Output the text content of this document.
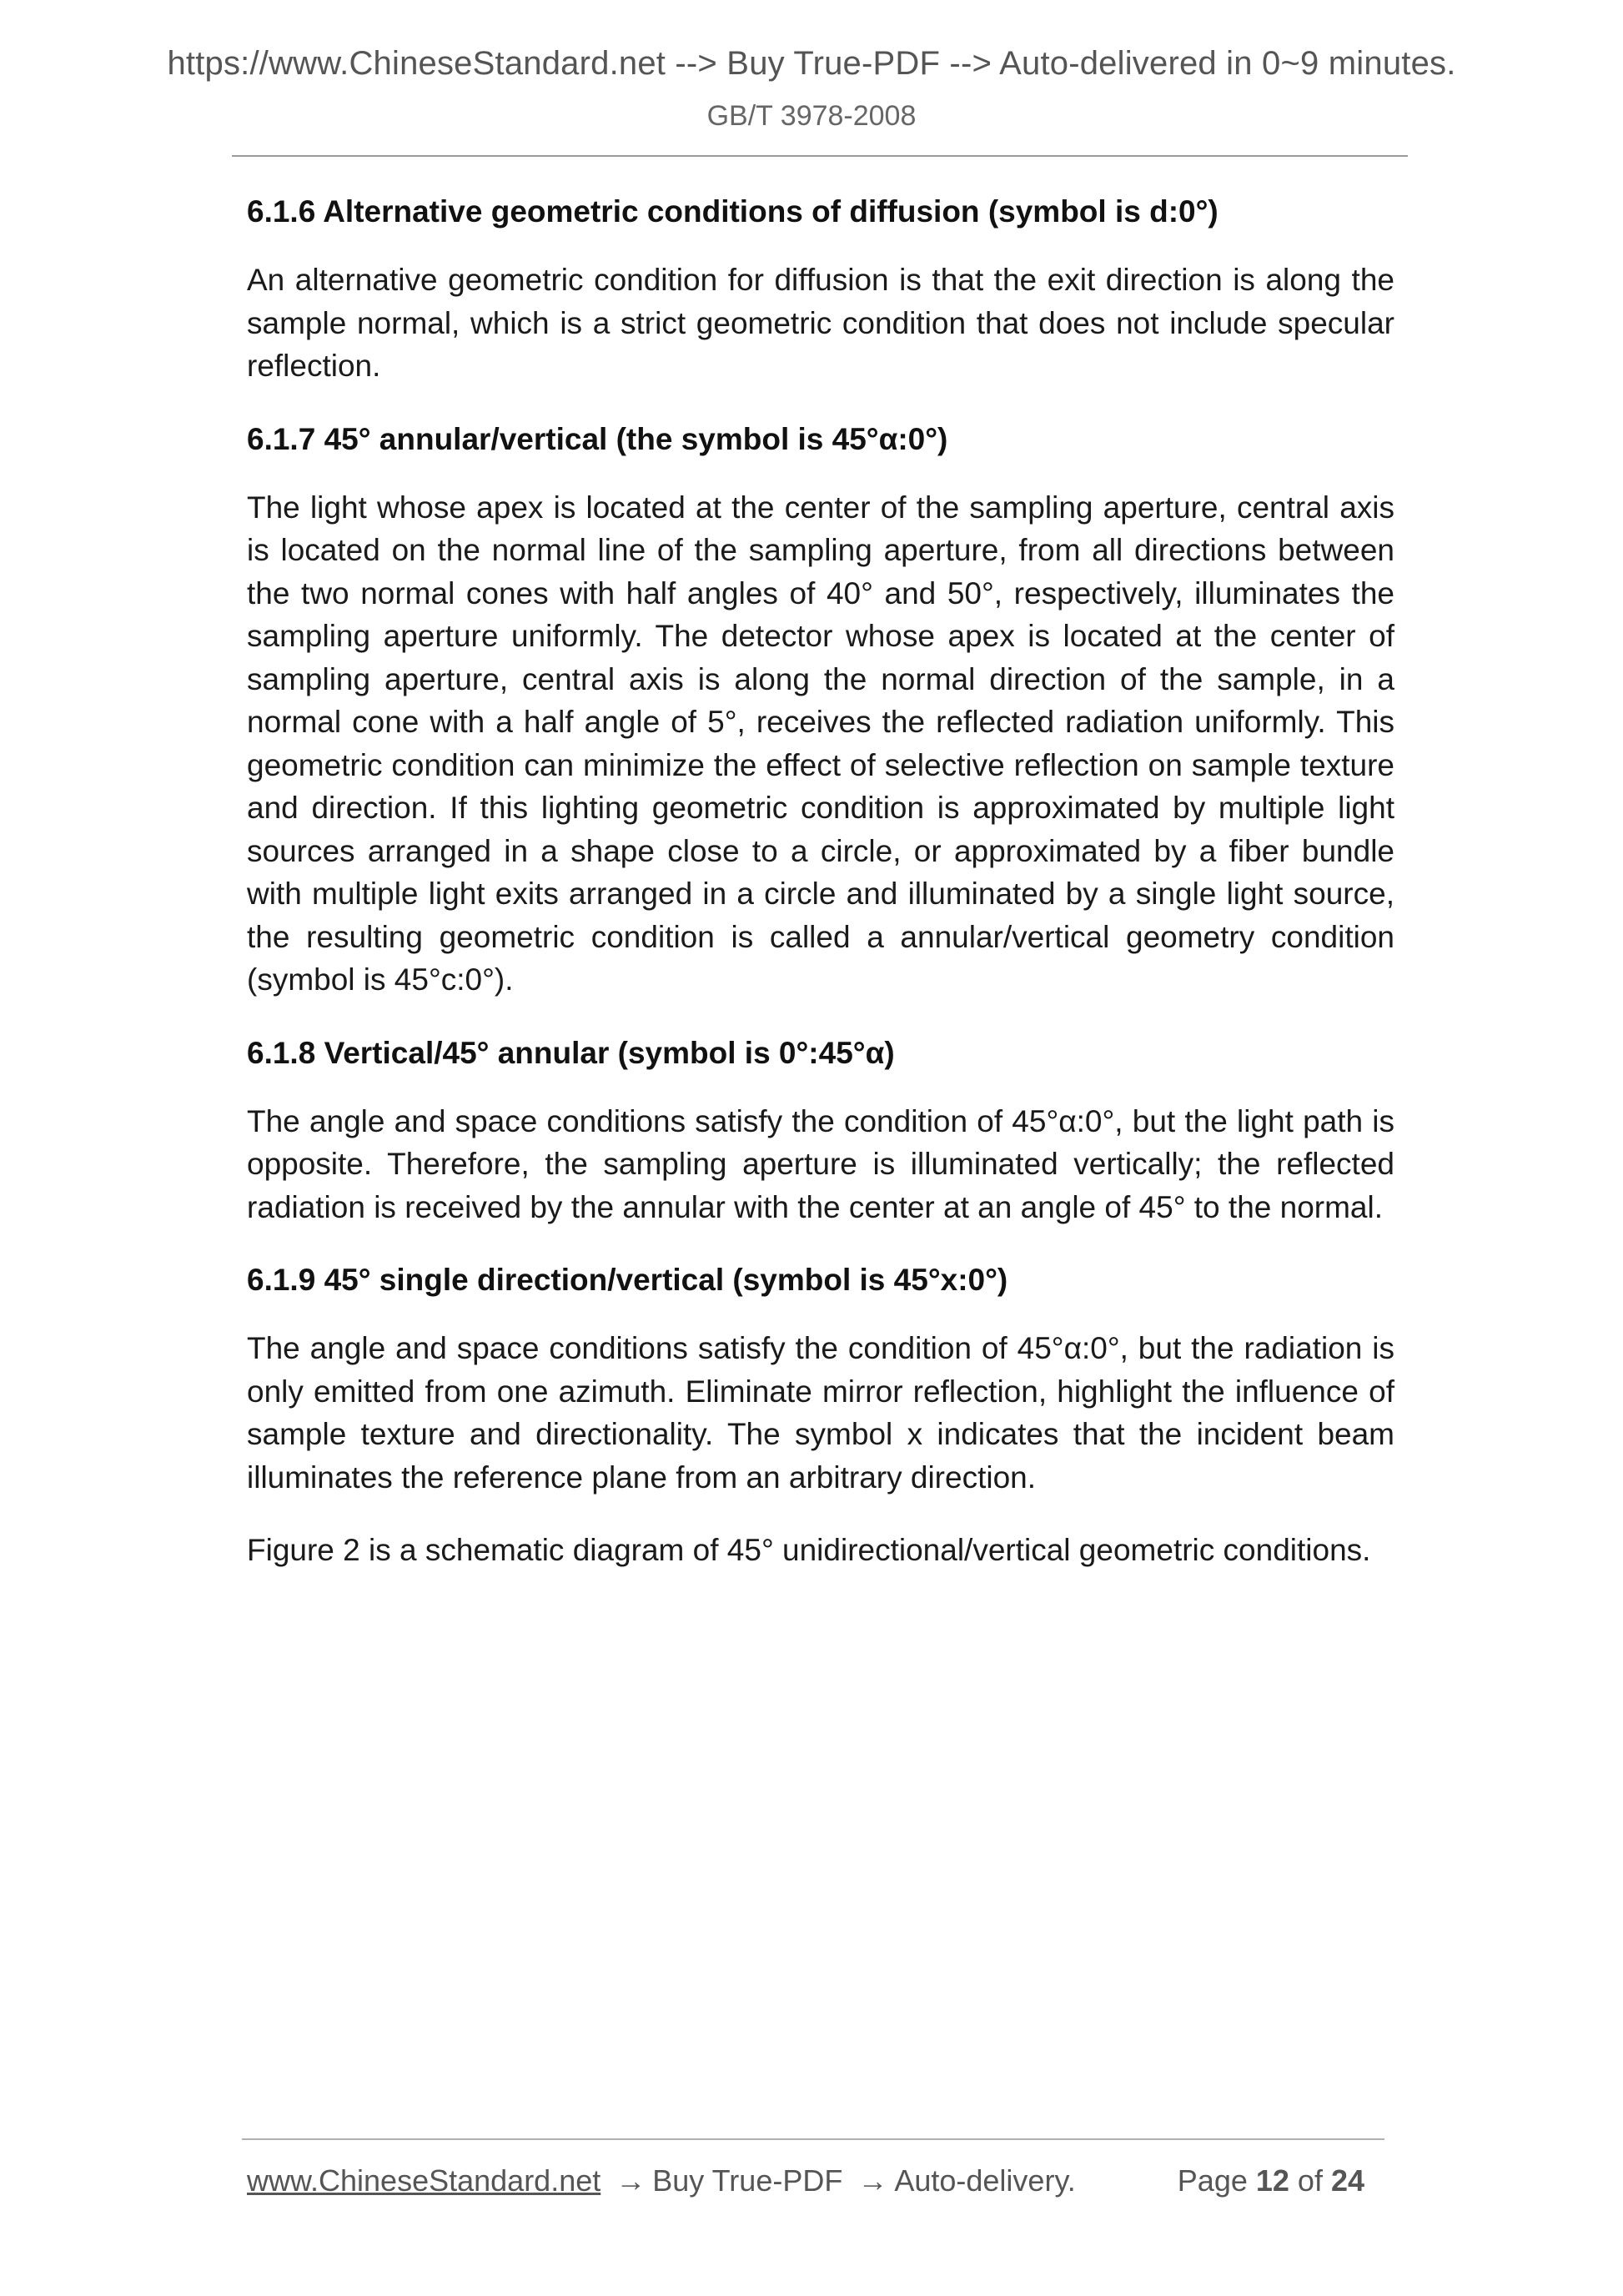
https://www.ChineseStandard.net --> Buy True-PDF --> Auto-delivered in 0~9 minutes.
GB/T 3978-2008

6.1.6 Alternative geometric conditions of diffusion (symbol is d:0°)

An alternative geometric condition for diffusion is that the exit direction is along the sample normal, which is a strict geometric condition that does not include specular reflection.

6.1.7 45° annular/vertical (the symbol is 45°α:0°)

The light whose apex is located at the center of the sampling aperture, central axis is located on the normal line of the sampling aperture, from all directions between the two normal cones with half angles of 40° and 50°, respectively, illuminates the sampling aperture uniformly. The detector whose apex is located at the center of sampling aperture, central axis is along the normal direction of the sample, in a normal cone with a half angle of 5°, receives the reflected radiation uniformly. This geometric condition can minimize the effect of selective reflection on sample texture and direction. If this lighting geometric condition is approximated by multiple light sources arranged in a shape close to a circle, or approximated by a fiber bundle with multiple light exits arranged in a circle and illuminated by a single light source, the resulting geometric condition is called a annular/vertical geometry condition (symbol is 45°c:0°).

6.1.8 Vertical/45° annular (symbol is 0°:45°α)

The angle and space conditions satisfy the condition of 45°α:0°, but the light path is opposite. Therefore, the sampling aperture is illuminated vertically; the reflected radiation is received by the annular with the center at an angle of 45° to the normal.

6.1.9 45° single direction/vertical (symbol is 45°x:0°)

The angle and space conditions satisfy the condition of 45°α:0°, but the radiation is only emitted from one azimuth. Eliminate mirror reflection, highlight the influence of sample texture and directionality. The symbol x indicates that the incident beam illuminates the reference plane from an arbitrary direction.

Figure 2 is a schematic diagram of 45° unidirectional/vertical geometric conditions.

www.ChineseStandard.net → Buy True-PDF → Auto-delivery.	Page 12 of 24
